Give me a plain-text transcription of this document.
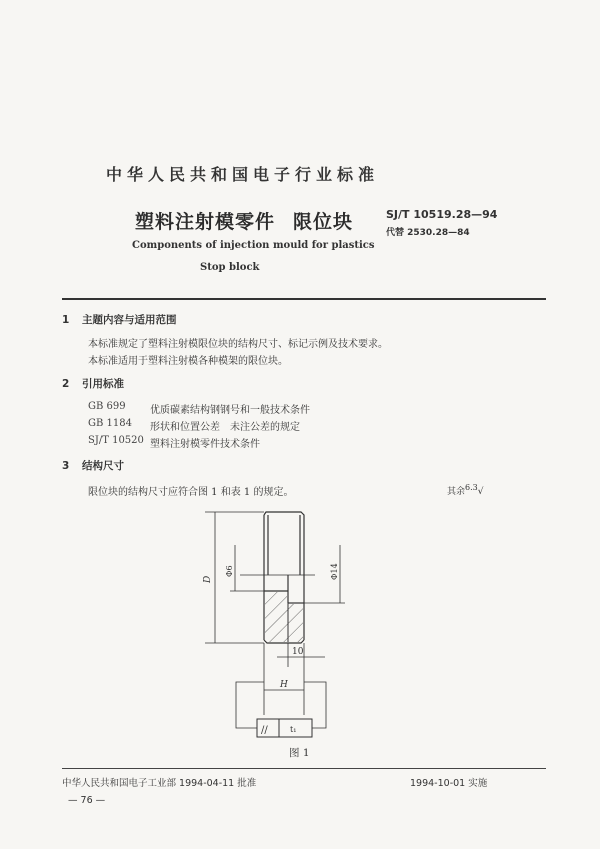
中华人民共和国电子行业标准
塑料注射模零件 限位块	SJ/T 10519.28—94
代替 2530.28—84
Components of injection mould for plastics
Stop block
1 主题内容与适用范围
本标准规定了塑料注射模限位块的结构尺寸、标记示例及技术要求。
本标准适用于塑料注射模各种模架的限位块。
2 引用标准
GB 699 优质碳素结构钢钢号和一般技术条件
GB 1184 形状和位置公差　未注公差的规定
SJ/T 10520 塑料注射模零件技术条件
3 结构尺寸
限位块的结构尺寸应符合图 1 和表 1 的规定。	其余$^{6.3}$√
//	t₁
D
Φ6	Φ14
10
H
图 1
中华人民共和国电子工业部 1994-04-11 批准	1994-10-01 实施
— 76 —
